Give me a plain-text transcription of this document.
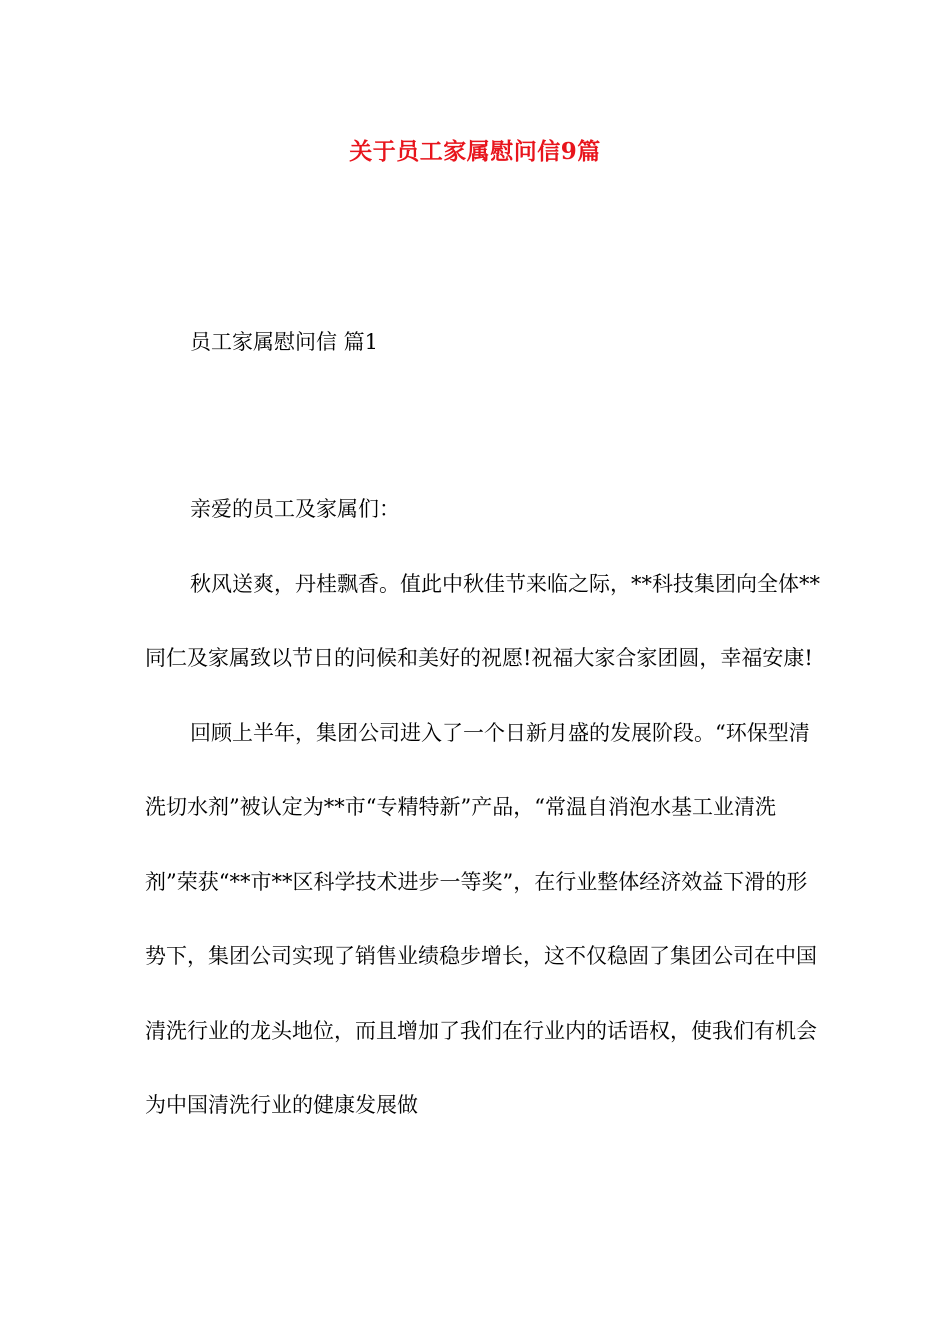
关于员工家属慰问信9篇

员工家属慰问信 篇1

亲爱的员工及家属们：

秋风送爽，丹桂飘香。值此中秋佳节来临之际，**科技集团向全体**同仁及家属致以节日的问候和美好的祝愿!祝福大家合家团圆，幸福安康!

回顾上半年，集团公司进入了一个日新月盛的发展阶段。“环保型清洗切水剂”被认定为**市“专精特新”产品，“常温自消泡水基工业清洗剂”荣获“**市**区科学技术进步一等奖”，在行业整体经济效益下滑的形势下，集团公司实现了销售业绩稳步增长，这不仅稳固了集团公司在中国清洗行业的龙头地位，而且增加了我们在行业内的话语权，使我们有机会为中国清洗行业的健康发展做
